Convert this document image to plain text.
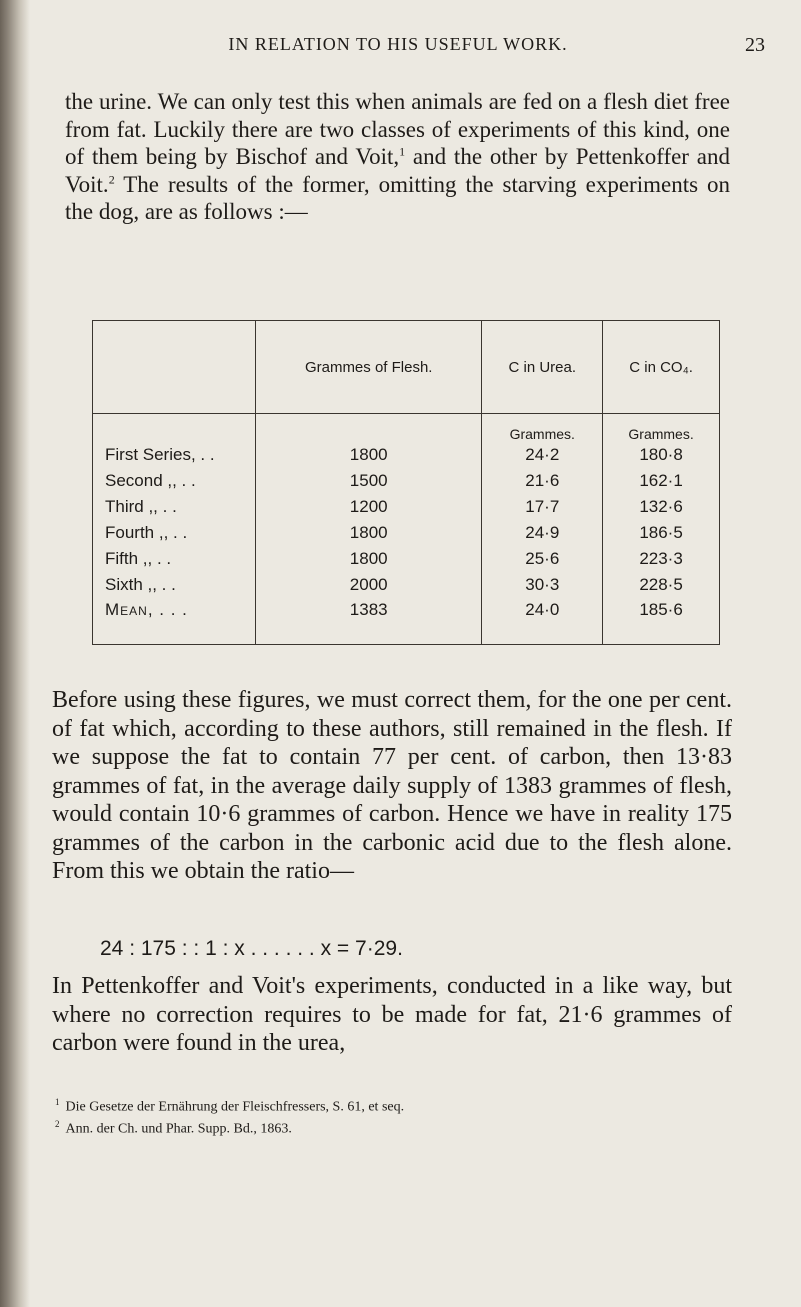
IN RELATION TO HIS USEFUL WORK.	23

the urine. We can only test this when animals are fed on a flesh diet free from fat. Luckily there are two classes of experiments of this kind, one of them being by Bischof and Voit,$^1$ and the other by Pettenkoffer and Voit.$^2$ The results of the former, omitting the starving experiments on the dog, are as follows :—

	Grammes of Flesh.	C in Urea.	C in CO₄.
		Grammes.	Grammes.
First Series, . .	1800	24·2	180·8
Second ,, . .	1500	21·6	162·1
Third ,, . .	1200	17·7	132·6
Fourth ,, . .	1800	24·9	186·5
Fifth ,, . .	1800	25·6	223·3
Sixth ,, . .	2000	30·3	228·5
Mean, . . .	1383	24·0	185·6

Before using these figures, we must correct them, for the one per cent. of fat which, according to these authors, still remained in the flesh. If we suppose the fat to contain 77 per cent. of carbon, then 13·83 grammes of fat, in the average daily supply of 1383 grammes of flesh, would contain 10·6 grammes of carbon. Hence we have in reality 175 grammes of the carbon in the carbonic acid due to the flesh alone. From this we obtain the ratio—

24 : 175 : : 1 : x . . . . . . x = 7·29.

In Pettenkoffer and Voit's experiments, conducted in a like way, but where no correction requires to be made for fat, 21·6 grammes of carbon were found in the urea,

$^1$ Die Gesetze der Ernährung der Fleischfressers, S. 61, et seq.
$^2$ Ann. der Ch. und Phar. Supp. Bd., 1863.
